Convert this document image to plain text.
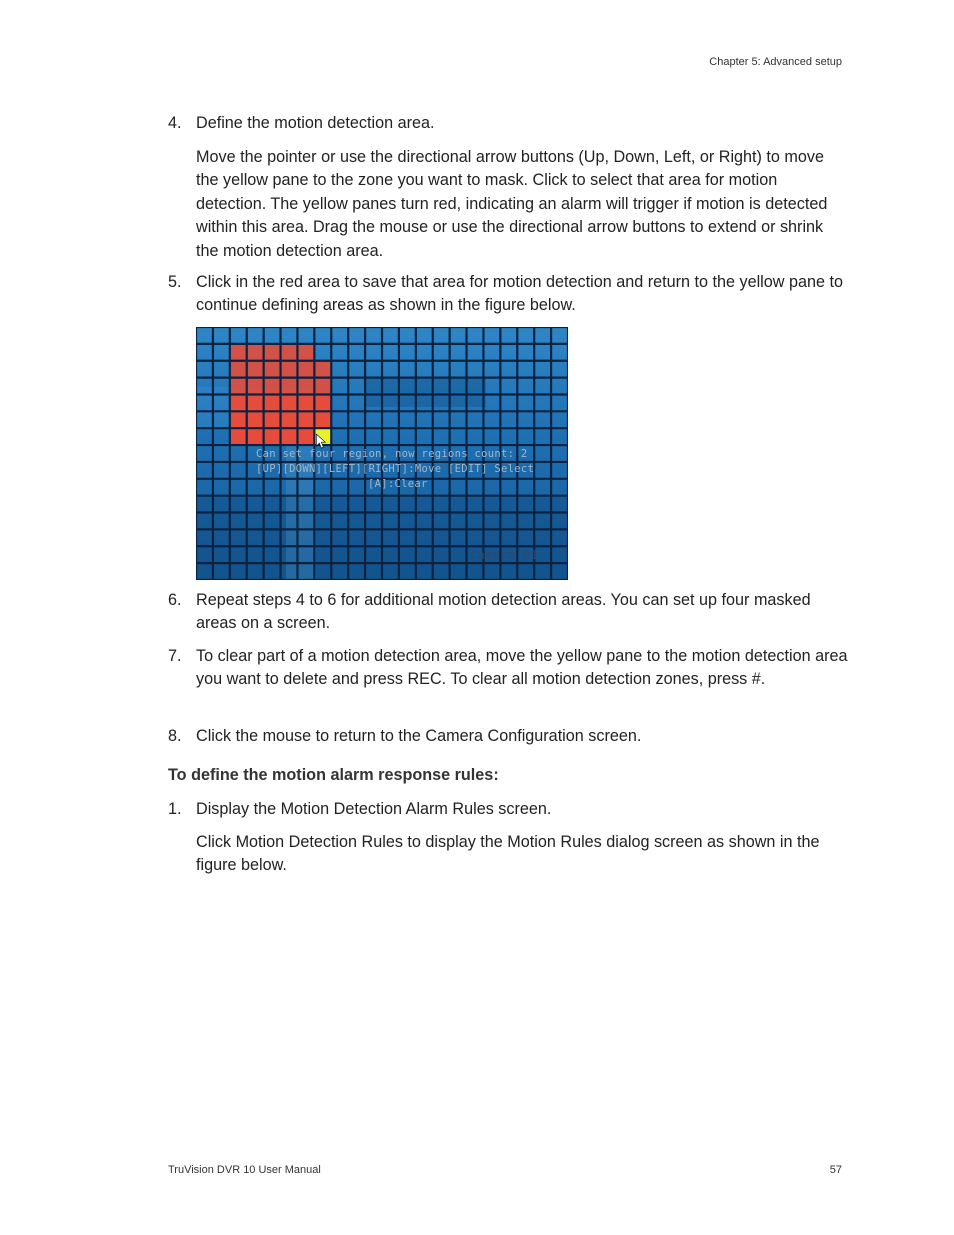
Chapter 5: Advanced setup
4. Define the motion detection area.
Move the pointer or use the directional arrow buttons (Up, Down, Left, or Right) to move the yellow pane to the zone you want to mask. Click to select that area for motion detection. The yellow panes turn red, indicating an alarm will trigger if motion is detected within this area. Drag the mouse or use the directional arrow buttons to extend or shrink the motion detection area.
5. Click in the red area to save that area for motion detection and return to the yellow pane to continue defining areas as shown in the figure below.
Can set four region, now regions count: 2
[UP][DOWN][LEFT][RIGHT]:Move [EDIT] Select
[A]:Clear
Camera 01
6. Repeat steps 4 to 6 for additional motion detection areas. You can set up four masked areas on a screen.
7. To clear part of a motion detection area, move the yellow pane to the motion detection area you want to delete and press REC. To clear all motion detection zones, press #.
8. Click the mouse to return to the Camera Configuration screen.
To define the motion alarm response rules:
1. Display the Motion Detection Alarm Rules screen.
Click Motion Detection Rules to display the Motion Rules dialog screen as shown in the figure below.
TruVision DVR 10 User Manual	57
